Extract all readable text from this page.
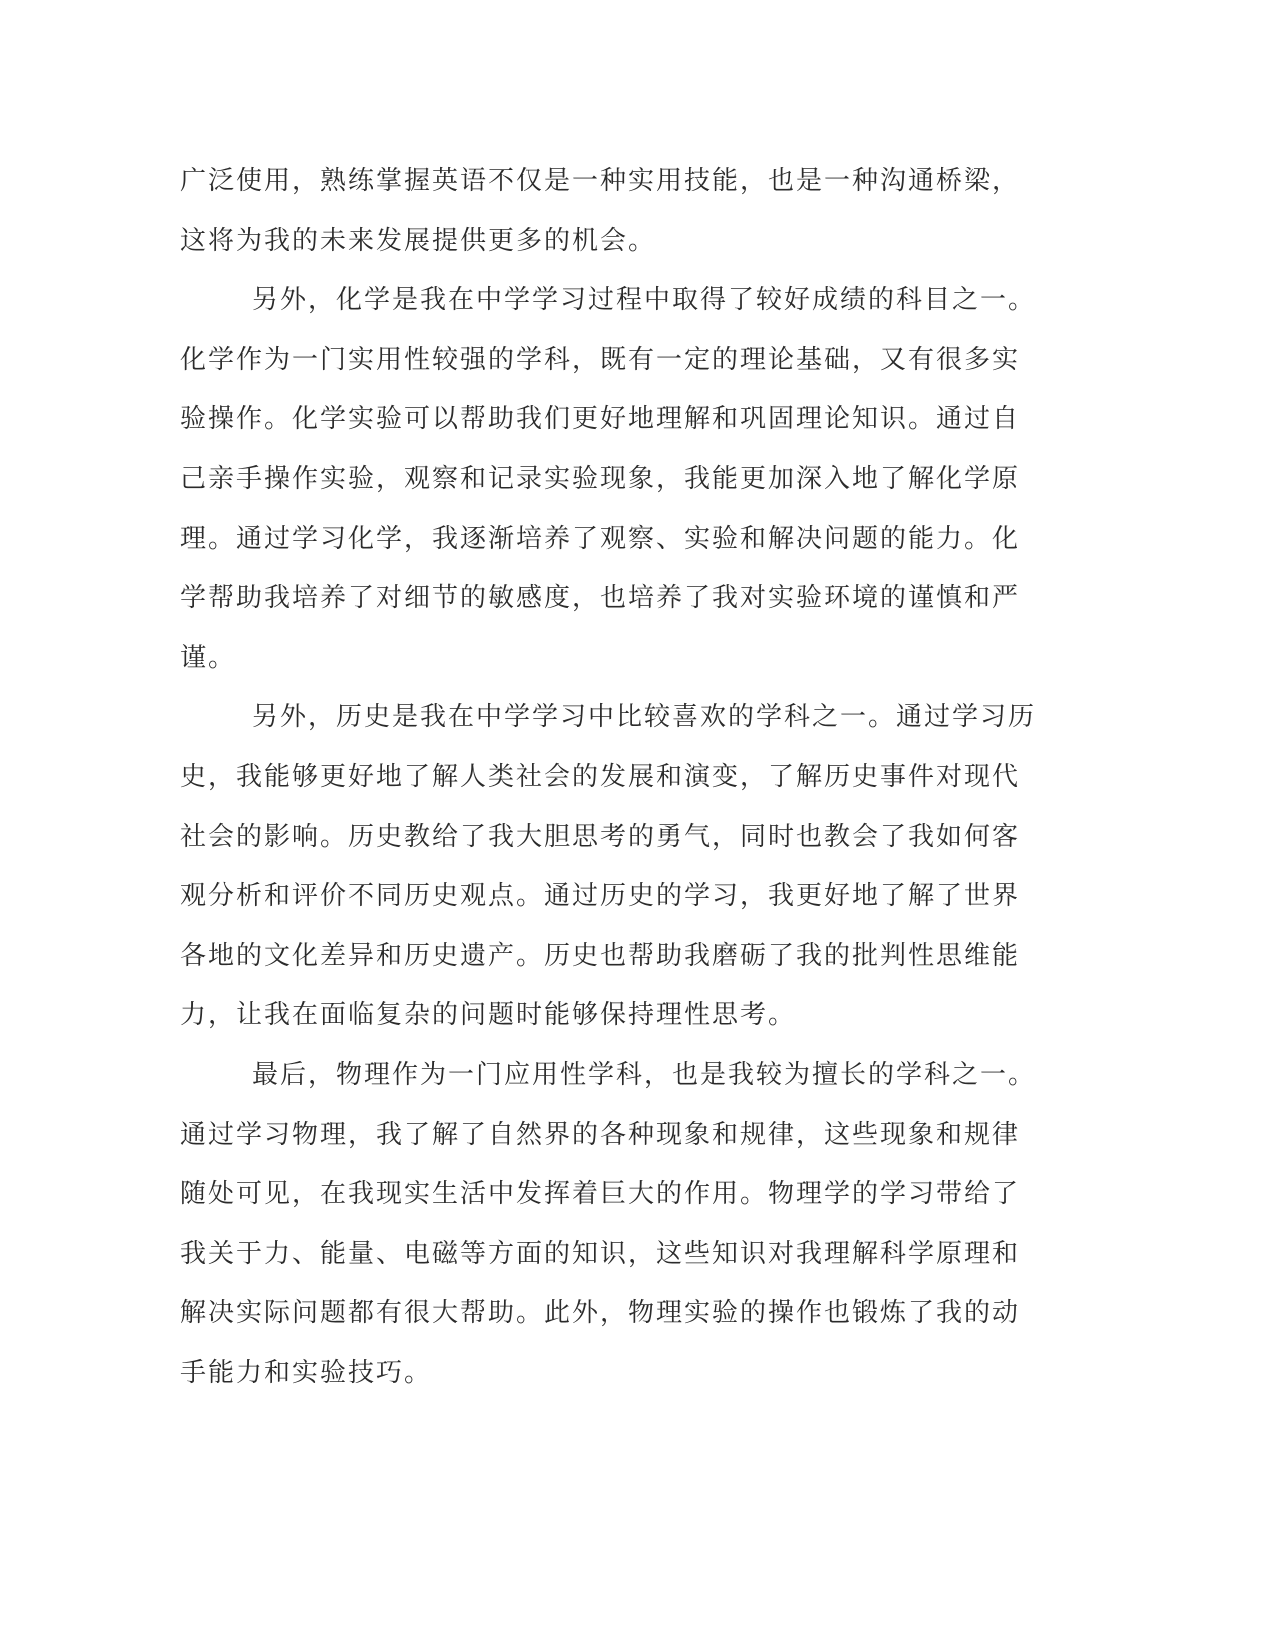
广泛使用，熟练掌握英语不仅是一种实用技能，也是一种沟通桥梁，
这将为我的未来发展提供更多的机会。
另外，化学是我在中学学习过程中取得了较好成绩的科目之一。
化学作为一门实用性较强的学科，既有一定的理论基础，又有很多实
验操作。化学实验可以帮助我们更好地理解和巩固理论知识。通过自
己亲手操作实验，观察和记录实验现象，我能更加深入地了解化学原
理。通过学习化学，我逐渐培养了观察、实验和解决问题的能力。化
学帮助我培养了对细节的敏感度，也培养了我对实验环境的谨慎和严
谨。
另外，历史是我在中学学习中比较喜欢的学科之一。通过学习历
史，我能够更好地了解人类社会的发展和演变，了解历史事件对现代
社会的影响。历史教给了我大胆思考的勇气，同时也教会了我如何客
观分析和评价不同历史观点。通过历史的学习，我更好地了解了世界
各地的文化差异和历史遗产。历史也帮助我磨砺了我的批判性思维能
力，让我在面临复杂的问题时能够保持理性思考。
最后，物理作为一门应用性学科，也是我较为擅长的学科之一。
通过学习物理，我了解了自然界的各种现象和规律，这些现象和规律
随处可见，在我现实生活中发挥着巨大的作用。物理学的学习带给了
我关于力、能量、电磁等方面的知识，这些知识对我理解科学原理和
解决实际问题都有很大帮助。此外，物理实验的操作也锻炼了我的动
手能力和实验技巧。
